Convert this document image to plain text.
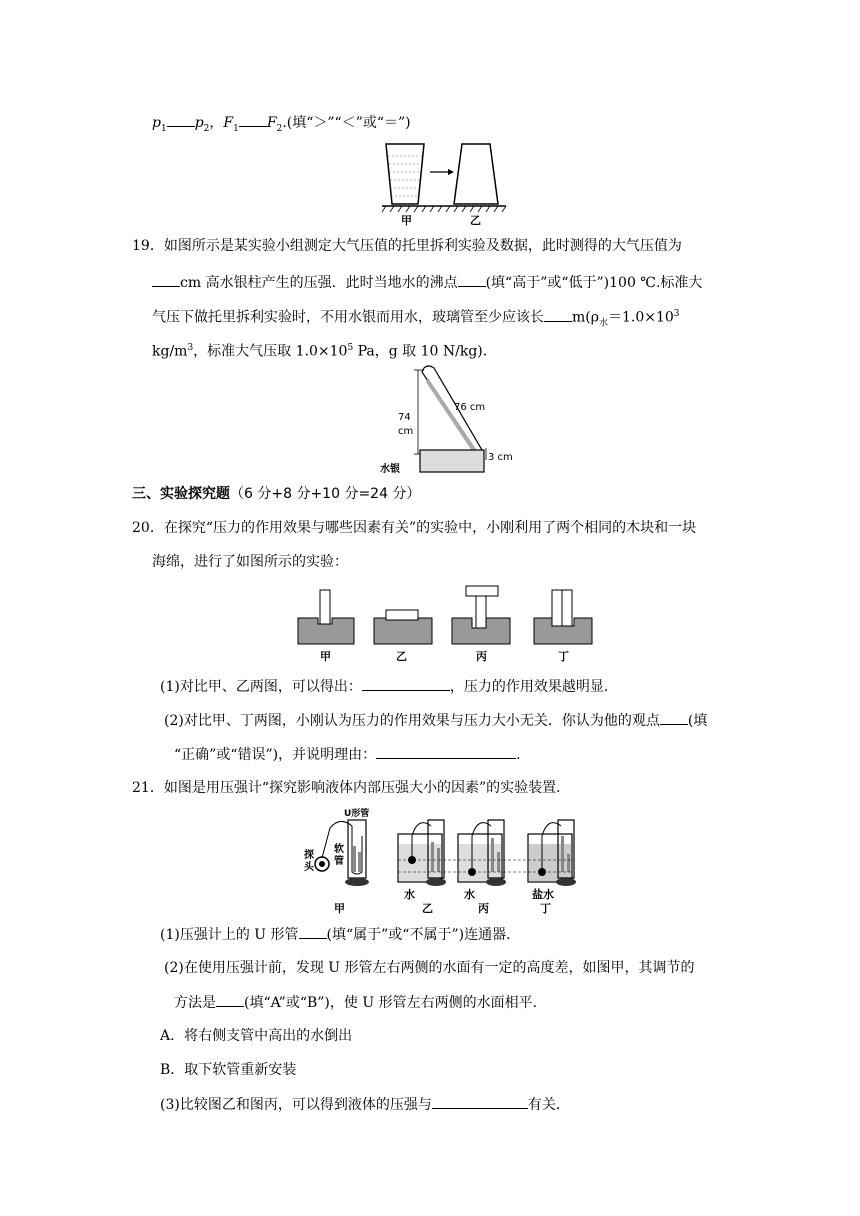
$p_1$ $p_2$，$F_1$ $F_2$.(填“＞”“＜”或“＝”)
甲	乙
19．如图所示是某实验小组测定大气压值的托里拆利实验及数据，此时测得的大气压值为
cm 高水银柱产生的压强．此时当地水的沸点 (填“高于”或“低于”)100 ℃.标准大
气压下做托里拆利实验时，不用水银而用水，玻璃管至少应该长 $m(\rho_水=1.0\times 10^3$
$kg/m^3$，标准大气压取 $1.0\times 10^5$ Pa，g 取 10 N/kg)．
76 cm
74
cm
3 cm
水银
三、实验探究题（6 分+8 分+10 分=24 分）
20．在探究“压力的作用效果与哪些因素有关”的实验中，小刚利用了两个相同的木块和一块
海绵，进行了如图所示的实验：
甲	乙	丙	丁
(1)对比甲、乙两图，可以得出：	，压力的作用效果越明显．
(2)对比甲、丁两图，小刚认为压力的作用效果与压力大小无关．你认为他的观点 (填
“正确”或“错误”)，并说明理由：	.
21．如图是用压强计“探究影响液体内部压强大小的因素”的实验装置．
U形管
探头
软管
水	水	盐水
甲	乙	丙	丁
(1)压强计上的 U 形管 (填“属于”或“不属于”)连通器．
(2)在使用压强计前，发现 U 形管左右两侧的水面有一定的高度差，如图甲，其调节的
方法是 (填“A”或“B”)，使 U 形管左右两侧的水面相平．
A．将右侧支管中高出的水倒出
B．取下软管重新安装
(3)比较图乙和图丙，可以得到液体的压强与	有关．
